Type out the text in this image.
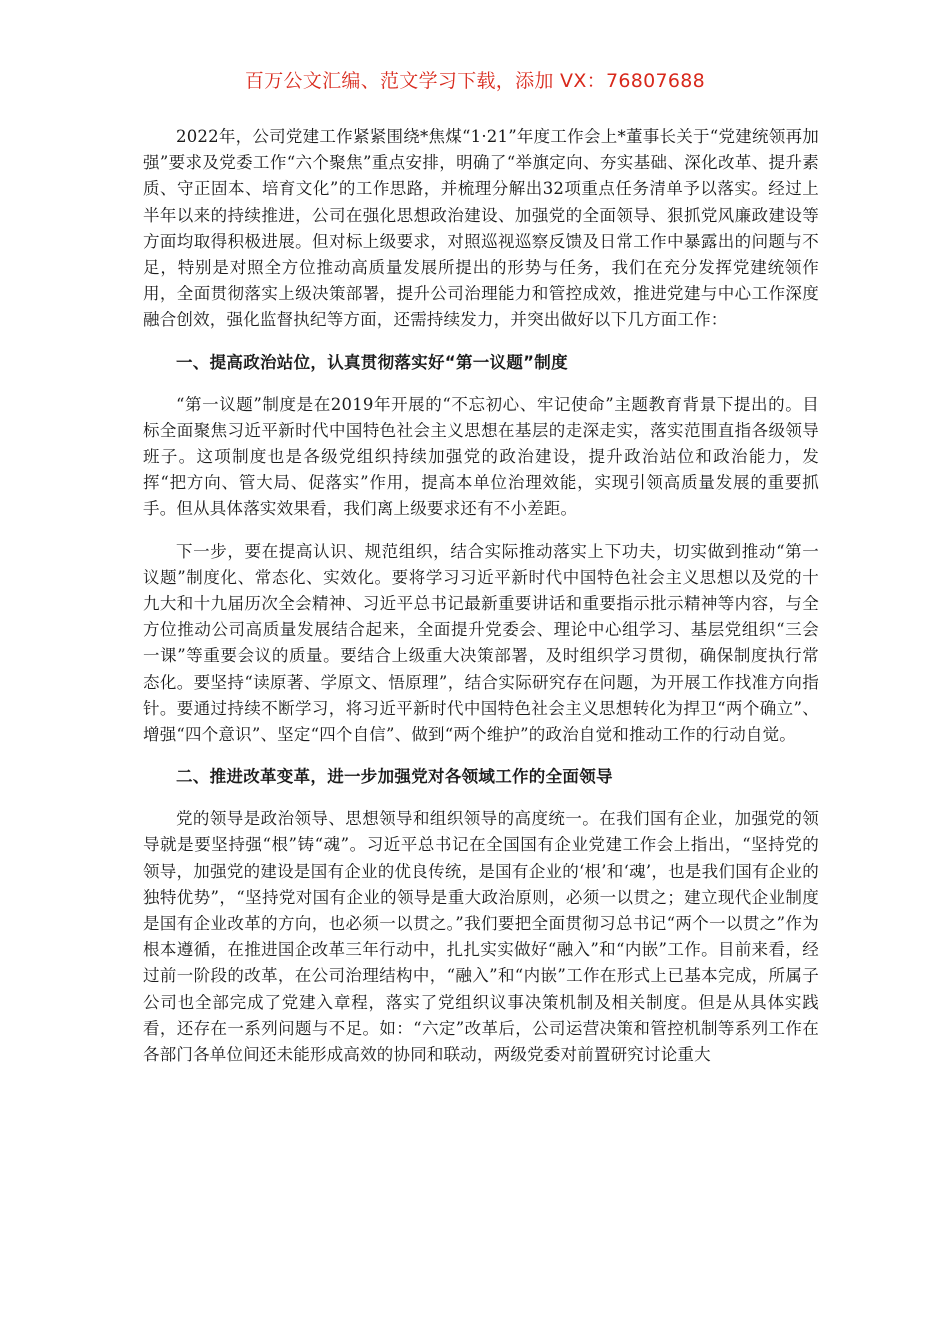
百万公文汇编、范文学习下载，添加 VX：76807688

2022年，公司党建工作紧紧围绕*焦煤“1·21”年度工作会上*董事长关于“党建统领再加强”要求及党委工作“六个聚焦”重点安排，明确了“举旗定向、夯实基础、深化改革、提升素质、守正固本、培育文化”的工作思路，并梳理分解出32项重点任务清单予以落实。经过上半年以来的持续推进，公司在强化思想政治建设、加强党的全面领导、狠抓党风廉政建设等方面均取得积极进展。但对标上级要求，对照巡视巡察反馈及日常工作中暴露出的问题与不足，特别是对照全方位推动高质量发展所提出的形势与任务，我们在充分发挥党建统领作用，全面贯彻落实上级决策部署，提升公司治理能力和管控成效，推进党建与中心工作深度融合创效，强化监督执纪等方面，还需持续发力，并突出做好以下几方面工作：

一、提高政治站位，认真贯彻落实好“第一议题”制度

“第一议题”制度是在2019年开展的“不忘初心、牢记使命”主题教育背景下提出的。目标全面聚焦习近平新时代中国特色社会主义思想在基层的走深走实，落实范围直指各级领导班子。这项制度也是各级党组织持续加强党的政治建设，提升政治站位和政治能力，发挥“把方向、管大局、促落实”作用，提高本单位治理效能，实现引领高质量发展的重要抓手。但从具体落实效果看，我们离上级要求还有不小差距。

下一步，要在提高认识、规范组织，结合实际推动落实上下功夫，切实做到推动“第一议题”制度化、常态化、实效化。要将学习习近平新时代中国特色社会主义思想以及党的十九大和十九届历次全会精神、习近平总书记最新重要讲话和重要指示批示精神等内容，与全方位推动公司高质量发展结合起来，全面提升党委会、理论中心组学习、基层党组织“三会一课”等重要会议的质量。要结合上级重大决策部署，及时组织学习贯彻，确保制度执行常态化。要坚持“读原著、学原文、悟原理”，结合实际研究存在问题，为开展工作找准方向指针。要通过持续不断学习，将习近平新时代中国特色社会主义思想转化为捍卫“两个确立”、增强“四个意识”、坚定“四个自信”、做到“两个维护”的政治自觉和推动工作的行动自觉。

二、推进改革变革，进一步加强党对各领域工作的全面领导

党的领导是政治领导、思想领导和组织领导的高度统一。在我们国有企业，加强党的领导就是要坚持强“根”铸“魂”。习近平总书记在全国国有企业党建工作会上指出，“坚持党的领导，加强党的建设是国有企业的优良传统，是国有企业的‘根’和‘魂’，也是我们国有企业的独特优势”，“坚持党对国有企业的领导是重大政治原则，必须一以贯之；建立现代企业制度是国有企业改革的方向，也必须一以贯之。”我们要把全面贯彻习总书记“两个一以贯之”作为根本遵循，在推进国企改革三年行动中，扎扎实实做好“融入”和“内嵌”工作。目前来看，经过前一阶段的改革，在公司治理结构中，“融入”和“内嵌”工作在形式上已基本完成，所属子公司也全部完成了党建入章程，落实了党组织议事决策机制及相关制度。但是从具体实践看，还存在一系列问题与不足。如：“六定”改革后，公司运营决策和管控机制等系列工作在各部门各单位间还未能形成高效的协同和联动，两级党委对前置研究讨论重大
